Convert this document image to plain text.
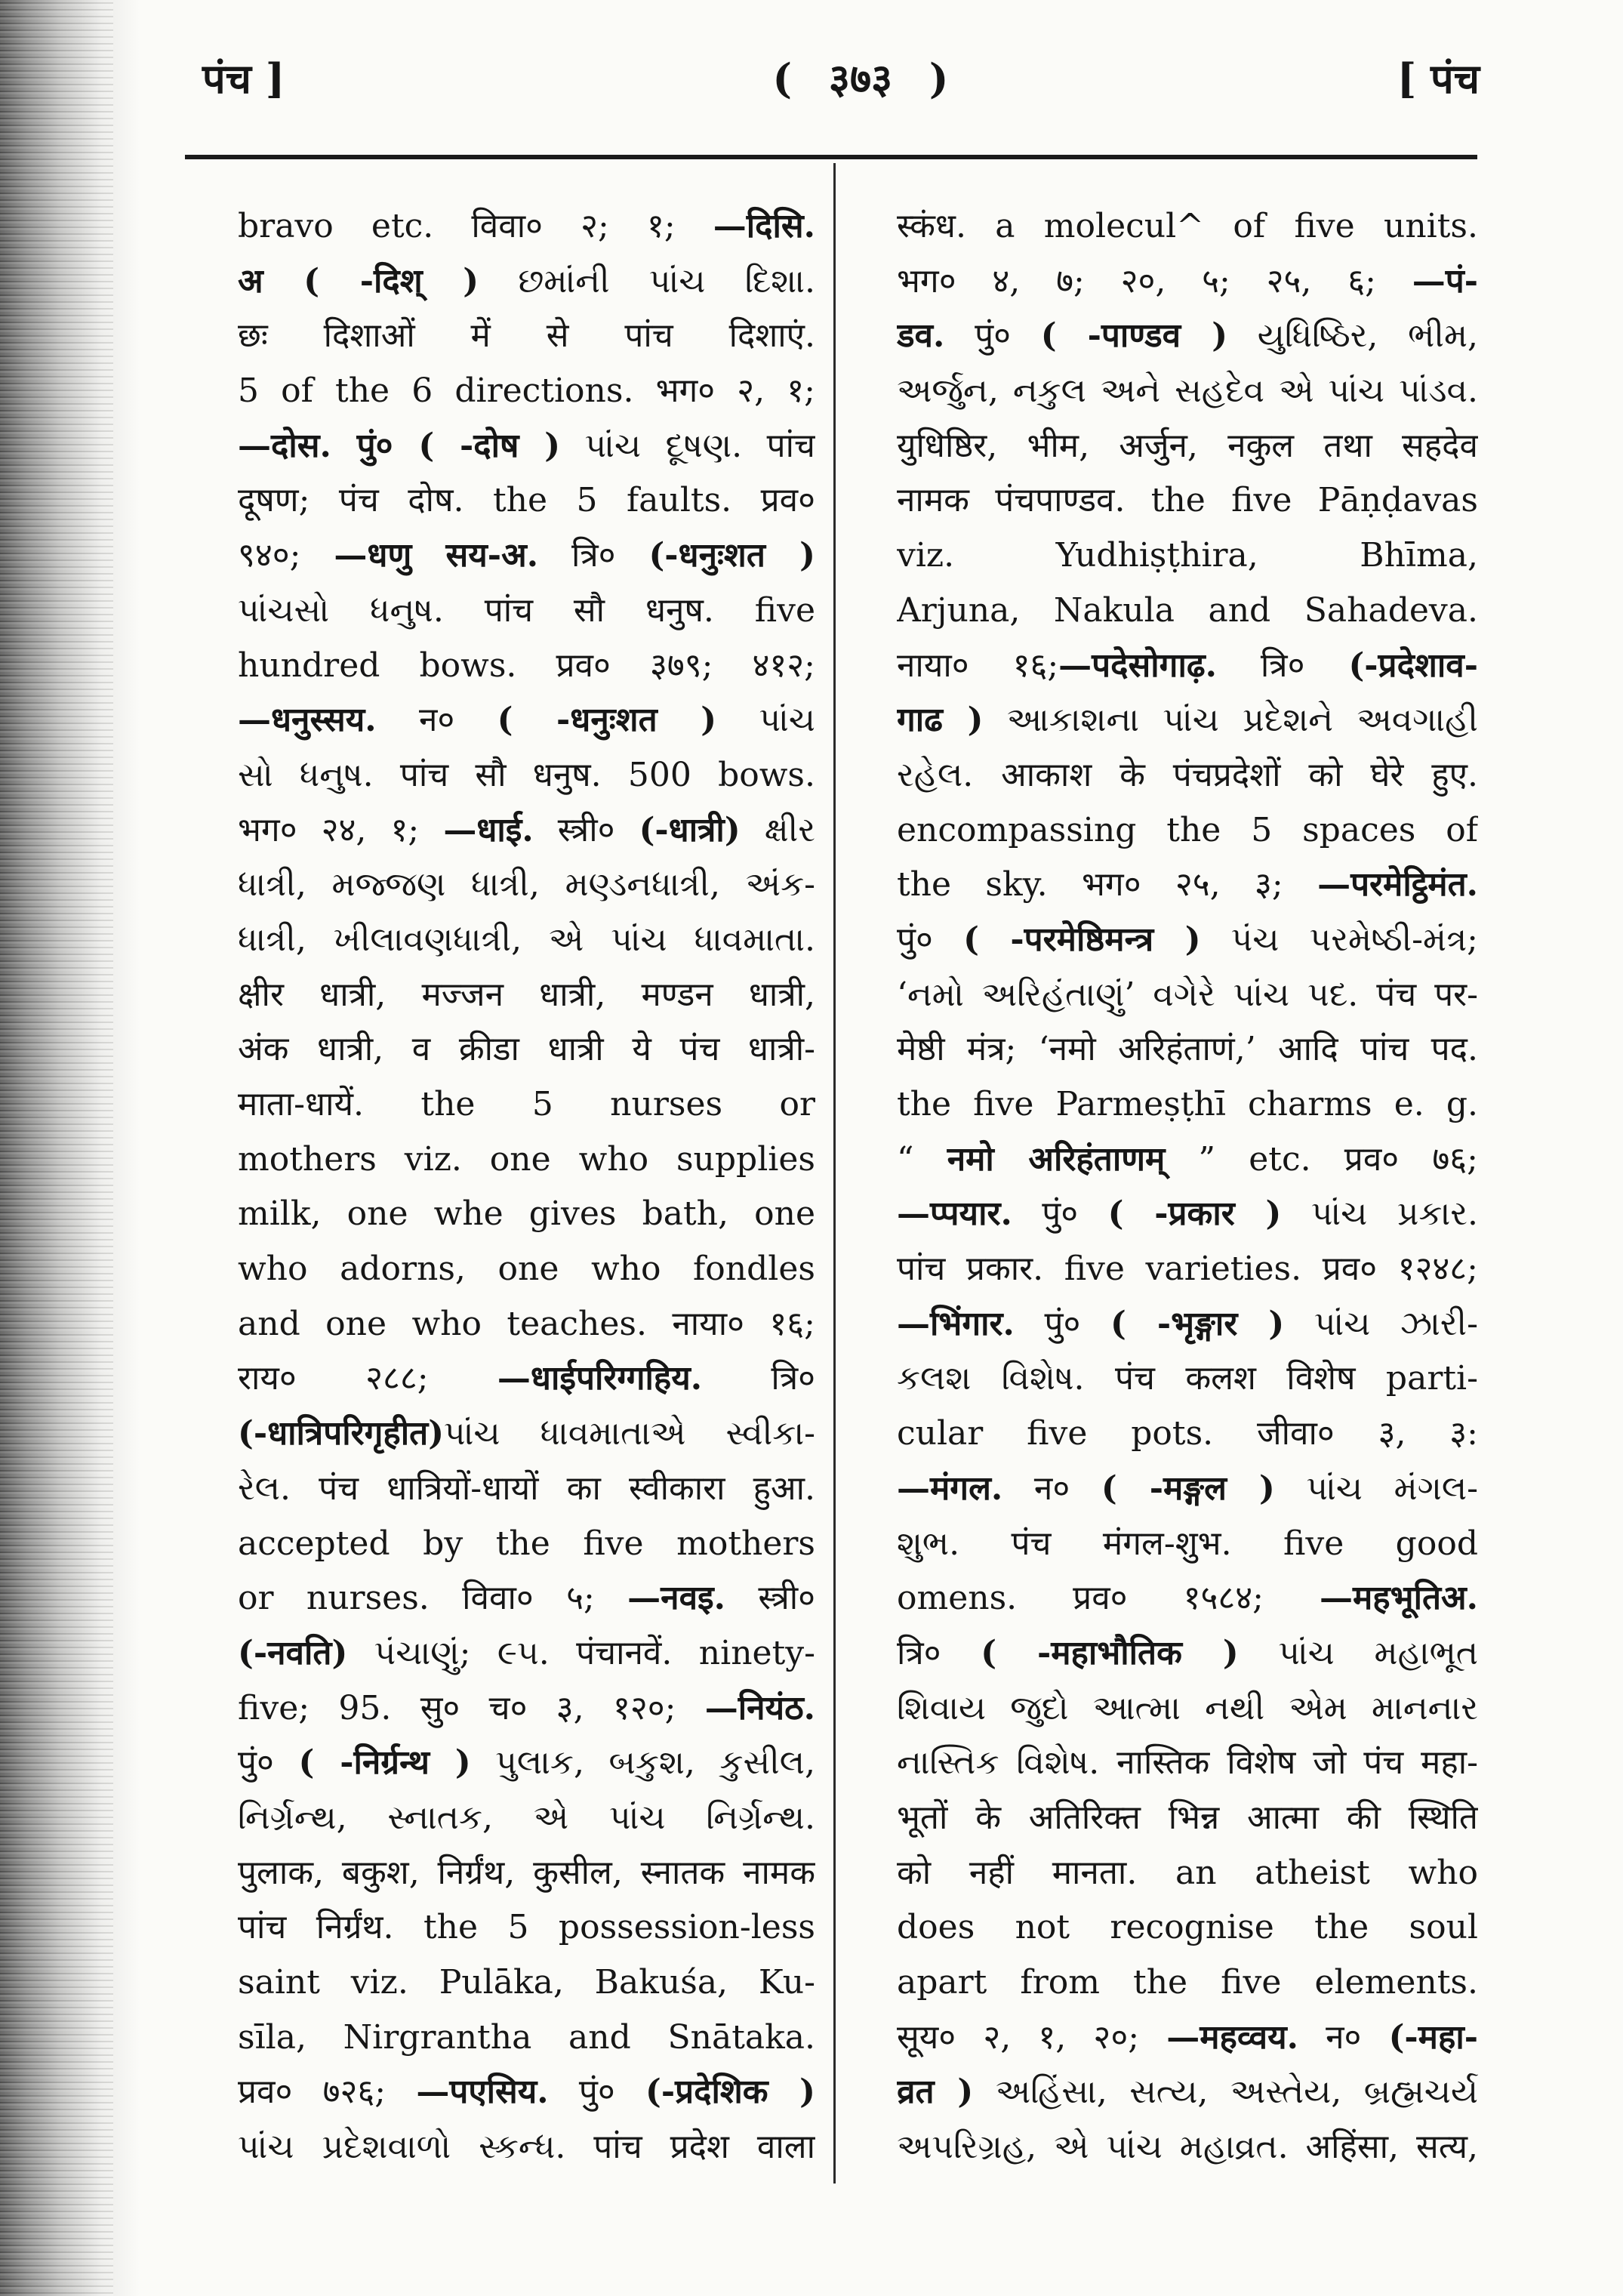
पंच ]	( ३७३ )	[ पंच
bravo etc. विवा० २; १; —दिसि.
अ ( -दिश् ) છમાંની પાંચ દિશા.
छः दिशाओं में से पांच दिशाएं.
5 of the 6 directions. भग० २, १;
—दोस. पुं० ( -दोष ) પાંચ દૂષણ. पांच
दूषण; पंच दोष. the 5 faults. प्रव०
९४०; —धणु सय-अ. त्रि० (-धनुःशत )
પાંચસો ધનુષ. पांच सौ धनुष. five
hundred bows. प्रव० ३७९; ४१२;
—धनुस्सय. न० ( -धनुःशत ) પાંચ
સો ધનુષ. पांच सौ धनुष. 500 bows.
भग० २४, १; —धाई. स्त्री० (-धात्री) ક્ષીર
ધાત્રી, મજ્જણ ધાત્રી, મણ્ડનધાત્રી, અંક-
ધાત્રી, ખીલાવણધાત્રી, એ પાંચ ધાવમાતા.
क्षीर धात्री, मज्जन धात्री, मण्डन धात्री,
अंक धात्री, व क्रीडा धात्री ये पंच धात्री-
माता-धायें. the 5 nurses or
mothers viz. one who supplies
milk, one whe gives bath, one
who adorns, one who fondles
and one who teaches. नाया० १६;
राय० २८८; —धाईपरिग्गहिय. त्रि०
(-धात्रिपरिगृहीत)પાંચ ધાવમાતાએ સ્વીકા-
રેલ. पंच धात्रियों-धायों का स्वीकारा हुआ.
accepted by the five mothers
or nurses. विवा० ५; —नवइ. स्त्री०
(-नवति) પંચાણું; ૯૫. पंचानवें. ninety-
five; 95. सु० च० ३, १२०; —नियंठ.
पुं० ( -निर्ग्रन्थ ) પુલાક, બકુશ, કુસીલ,
નિર્ગ્રન્થ, સ્નાતક, એ પાંચ નિર્ગ્રન્થ.
पुलाक, बकुश, निर्ग्रंथ, कुसील, स्नातक नामक
पांच निर्ग्रंथ. the 5 possession-less
saint viz. Pulāka, Bakuśa, Ku-
sīla, Nirgrantha and Snātaka.
प्रव० ७२६; —पएसिय. पुं० (-प्रदेशिक )
પાંચ પ્રદેશવાળો સ્કન્ધ. पांच प्रदेश वाला
स्कंध. a molecul^ of five units.
भग० ४, ७; २०, ५; २५, ६; —पं-
डव. पुं० ( -पाण्डव ) યુધિષ્ઠિર, ભીમ,
અર્જુન, નકુલ અને સહદેવ એ પાંચ પાંડવ.
युधिष्ठिर, भीम, अर्जुन, नकुल तथा सहदेव
नामक पंचपाण्डव. the five Pāṇḍavas
viz. Yudhiṣṭhira, Bhīma,
Arjuna, Nakula and Sahadeva.
नाया० १६;—पदेसोगाढ़. त्रि० (-प्रदेशाव-
गाढ ) આકાશના પાંચ પ્રદેશને અવગાહી
રહેલ. आकाश के पंचप्रदेशों को घेरे हुए.
encompassing the 5 spaces of
the sky. भग० २५, ३; —परमेट्ठिमंत.
पुं० ( -परमेष्ठिमन्त्र ) પંચ પરમેષ્ઠી-મંત્ર;
‘નમો અરિહંતાણું’ વગેરે પાંચ પદ. पंच पर-
मेष्ठी मंत्र; ‘नमो अरिहंताणं,’ आदि पांच पद.
the five Parmeṣṭhī charms e. g.
“ नमो अरिहंताणम् ” etc. प्रव० ७६;
—प्पयार. पुं० ( -प्रकार ) પાંચ પ્રકાર.
पांच प्रकार. five varieties. प्रव० १२४८;
—भिंगार. पुं० ( -भृङ्गार ) પાંચ ઝારી-
કલશ વિશેષ. पंच कलश विशेष parti-
cular five pots. जीवा० ३, ३:
—मंगल. न० ( -मङ्गल ) પાંચ મંગલ-
શુભ. पंच मंगल-शुभ. five good
omens. प्रव० १५८४; —महभूतिअ.
त्रि० ( -महाभौतिक ) પાંચ મહાભૂત
શિવાય જુદો આત્મા નથી એમ માનનાર
નાસ્તિક વિશેષ. नास्तिक विशेष जो पंच महा-
भूतों के अतिरिक्त भिन्न आत्मा की स्थिति
को नहीं मानता. an atheist who
does not recognise the soul
apart from the five elements.
सूय० २, १, २०; —महव्वय. न० (-महा-
व्रत ) અહિંસા, સત્ય, અસ્તેય, બ્રહ્મચર્ય
અપરિગ્રહ, એ પાંચ મહાવ્રત. अहिंसा, सत्य,
